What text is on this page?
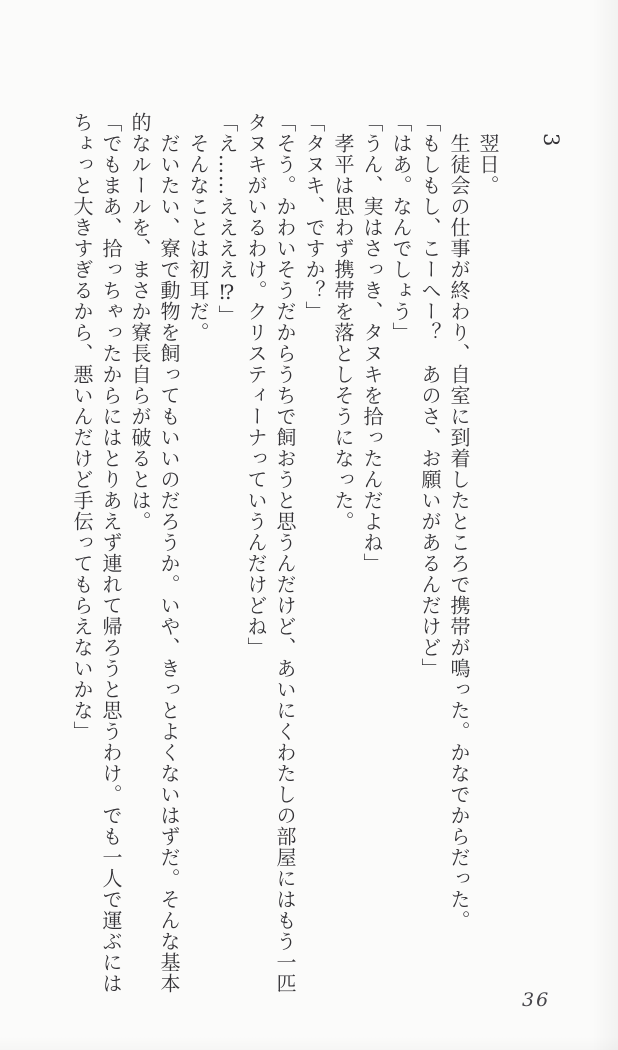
3

翌日。

生徒会の仕事が終わり、自室に到着したところで携帯が鳴った。かなでからだった。

「もしもし、こーへー？　あのさ、お願いがあるんだけど」

「はあ。なんでしょう」

「うん、実はさっき、タヌキを拾ったんだよね」

孝平は思わず携帯を落としそうになった。

「タヌキ、ですか？」

「そう。かわいそうだからうちで飼おうと思うんだけど、あいにくわたしの部屋にはもう一匹タヌキがいるわけ。クリスティーナっていうんだけどね」

「え……ええええ⁉」

そんなことは初耳だ。

だいたい、寮で動物を飼ってもいいのだろうか。いや、きっとよくないはずだ。そんな基本的なルールを、まさか寮長自らが破るとは。

「でもまあ、拾っちゃったからにはとりあえず連れて帰ろうと思うわけ。でも一人で運ぶにはちょっと大きすぎるから、悪いんだけど手伝ってもらえないかな」

36
